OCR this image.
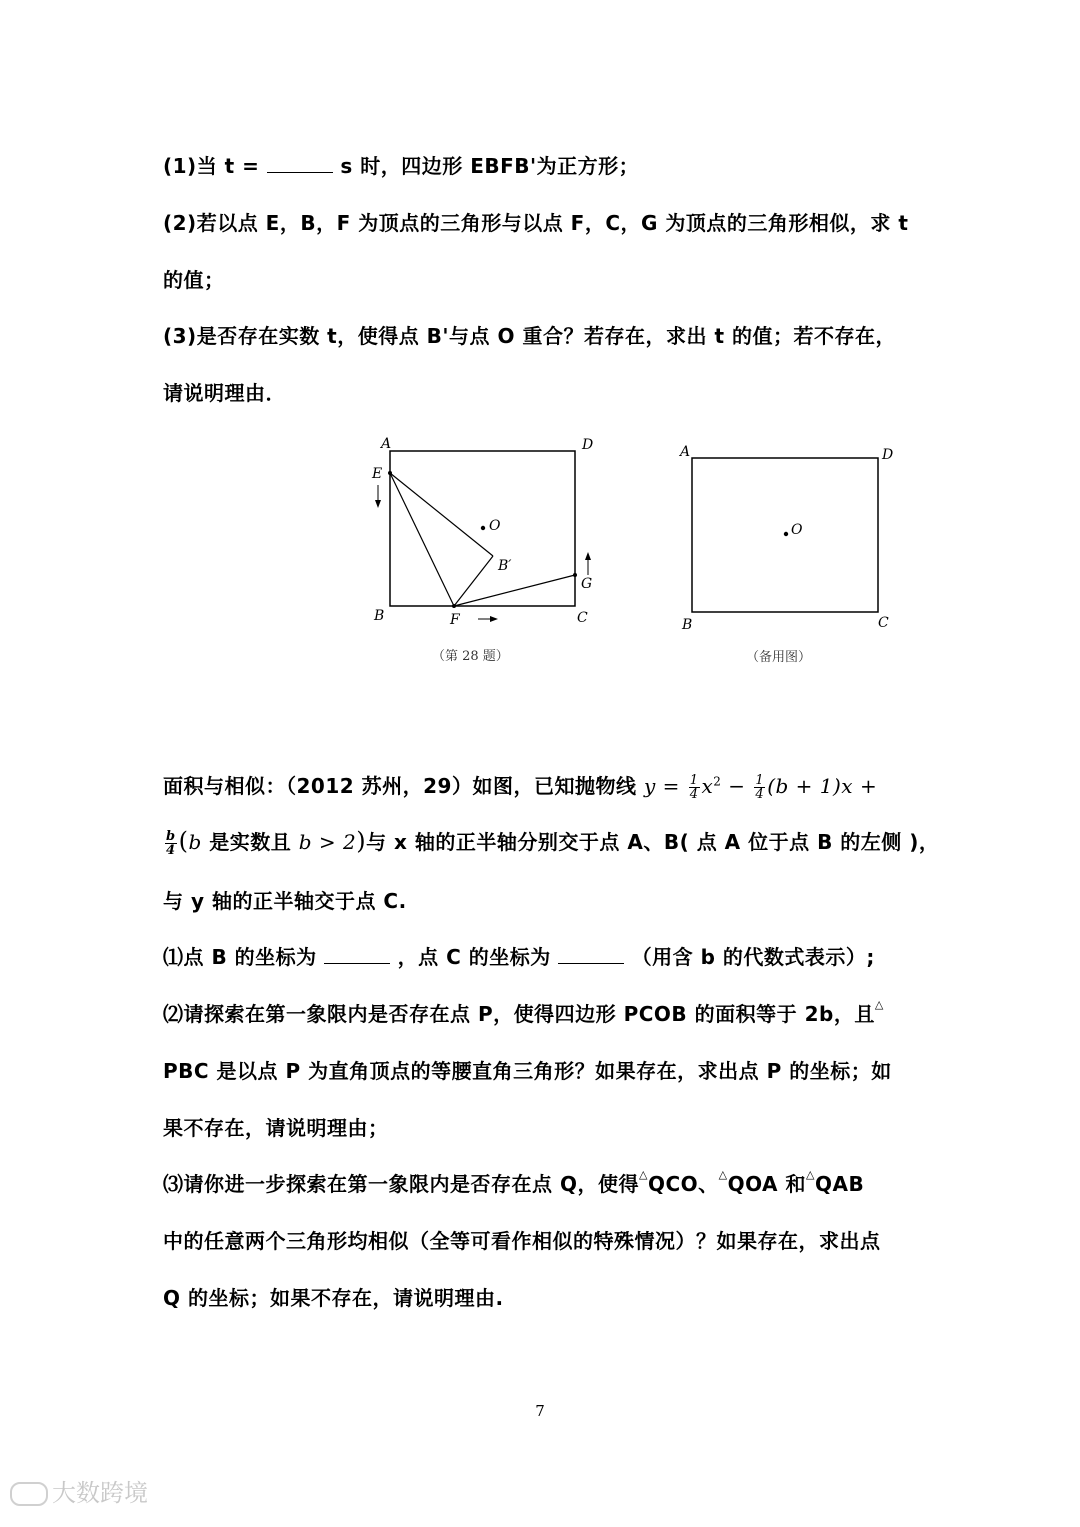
(1)当 t =	s 时，四边形 EBFB'为正方形；
(2)若以点 E，B，F 为顶点的三角形与以点 F，C，G 为顶点的三角形相似，求 t
的值；
(3)是否存在实数 t，使得点 B'与点 O 重合？若存在，求出 t 的值；若不存在，
请说明理由．
A	D
E
O
B′
G
B	F	C
（第 28 题）
A	D
O
B	C
（备用图）
面积与相似：（2012 苏州，29）如图，已知抛物线 $y = \frac{1}{4} x^2 - \frac{1}{4} (b + 1)x$ +
$\frac{b}{4} (b$ 是实数且 b > 2)与 x 轴的正半轴分别交于点 A、B( 点 A 位于点 B 的左侧 )，
与 y 轴的正半轴交于点 C.
⑴点 B 的坐标为	，点 C 的坐标为	（用含 b 的代数式表示）;
⑵请探索在第一象限内是否存在点 P，使得四边形 PCOB 的面积等于 2b，且△
PBC 是以点 P 为直角顶点的等腰直角三角形？如果存在，求出点 P 的坐标；如
果不存在，请说明理由；
⑶请你进一步探索在第一象限内是否存在点 Q，使得△QCO、△QOA 和△QAB
中的任意两个三角形均相似（全等可看作相似的特殊情况）？如果存在，求出点
Q 的坐标；如果不存在，请说明理由.
7
大数跨境
